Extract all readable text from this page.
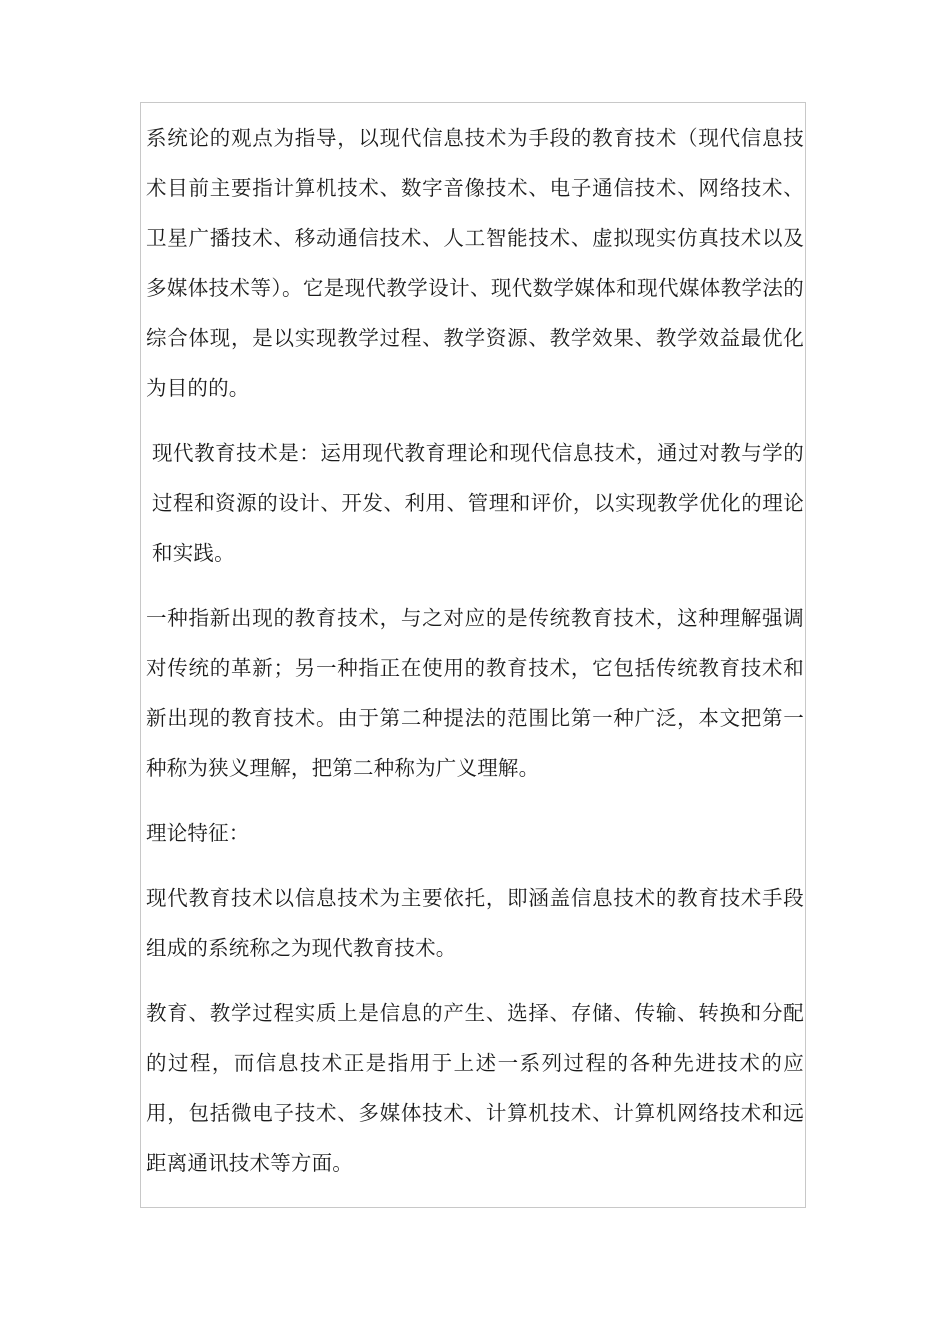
系统论的观点为指导，以现代信息技术为手段的教育技术（现代信息技术目前主要指计算机技术、数字音像技术、电子通信技术、网络技术、卫星广播技术、移动通信技术、人工智能技术、虚拟现实仿真技术以及多媒体技术等）。它是现代教学设计、现代数学媒体和现代媒体教学法的综合体现，是以实现教学过程、教学资源、教学效果、教学效益最优化为目的的。

现代教育技术是：运用现代教育理论和现代信息技术，通过对教与学的过程和资源的设计、开发、利用、管理和评价，以实现教学优化的理论和实践。

一种指新出现的教育技术，与之对应的是传统教育技术，这种理解强调对传统的革新；另一种指正在使用的教育技术，它包括传统教育技术和新出现的教育技术。由于第二种提法的范围比第一种广泛，本文把第一种称为狭义理解，把第二种称为广义理解。

理论特征：

现代教育技术以信息技术为主要依托，即涵盖信息技术的教育技术手段组成的系统称之为现代教育技术。

教育、教学过程实质上是信息的产生、选择、存储、传输、转换和分配的过程，而信息技术正是指用于上述一系列过程的各种先进技术的应用，包括微电子技术、多媒体技术、计算机技术、计算机网络技术和远距离通讯技术等方面。
